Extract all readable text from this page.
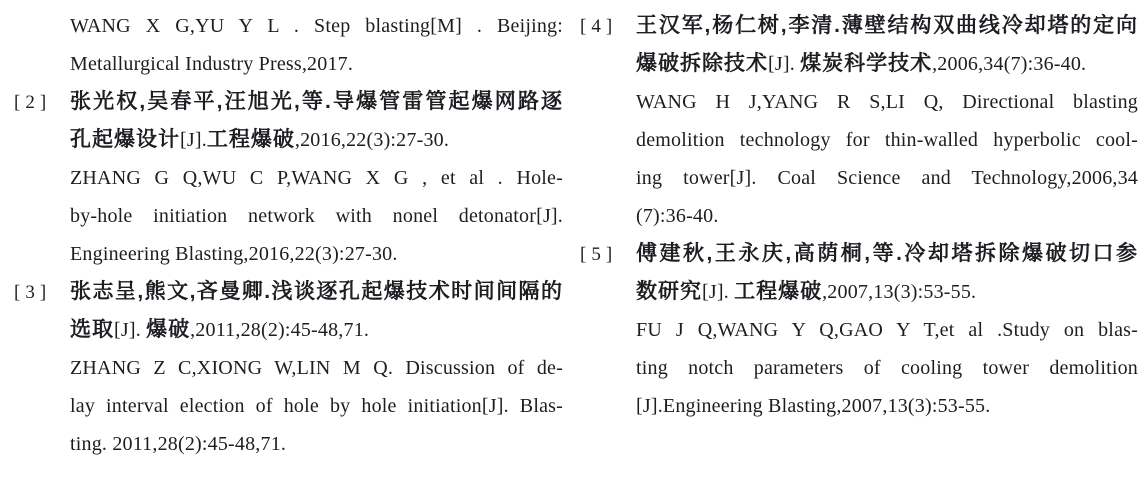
WANG X G,YU Y L . Step blasting[M] . Beijing:
Metallurgical Industry Press,2017.
[2] 张光权,吴春平,汪旭光,等.导爆管雷管起爆网路逐
孔起爆设计[J].工程爆破,2016,22(3):27-30.
ZHANG G Q,WU C P,WANG X G , et al . Hole-
by-hole initiation network with nonel detonator[J].
Engineering Blasting,2016,22(3):27-30.
[3] 张志呈,熊文,吝曼卿.浅谈逐孔起爆技术时间间隔的
选取[J]. 爆破,2011,28(2):45-48,71.
ZHANG Z C,XIONG W,LIN M Q. Discussion of de-
lay interval election of hole by hole initiation[J]. Blas-
ting. 2011,28(2):45-48,71.
[4] 王汉军,杨仁树,李清.薄壁结构双曲线冷却塔的定向
爆破拆除技术[J]. 煤炭科学技术,2006,34(7):36-40.
WANG H J,YANG R S,LI Q, Directional blasting
demolition technology for thin-walled hyperbolic cool-
ing tower[J]. Coal Science and Technology,2006,34
(7):36-40.
[5] 傅建秋,王永庆,高荫桐,等.冷却塔拆除爆破切口参
数研究[J]. 工程爆破,2007,13(3):53-55.
FU J Q,WANG Y Q,GAO Y T,et al .Study on blas-
ting notch parameters of cooling tower demolition
[J].Engineering Blasting,2007,13(3):53-55.
